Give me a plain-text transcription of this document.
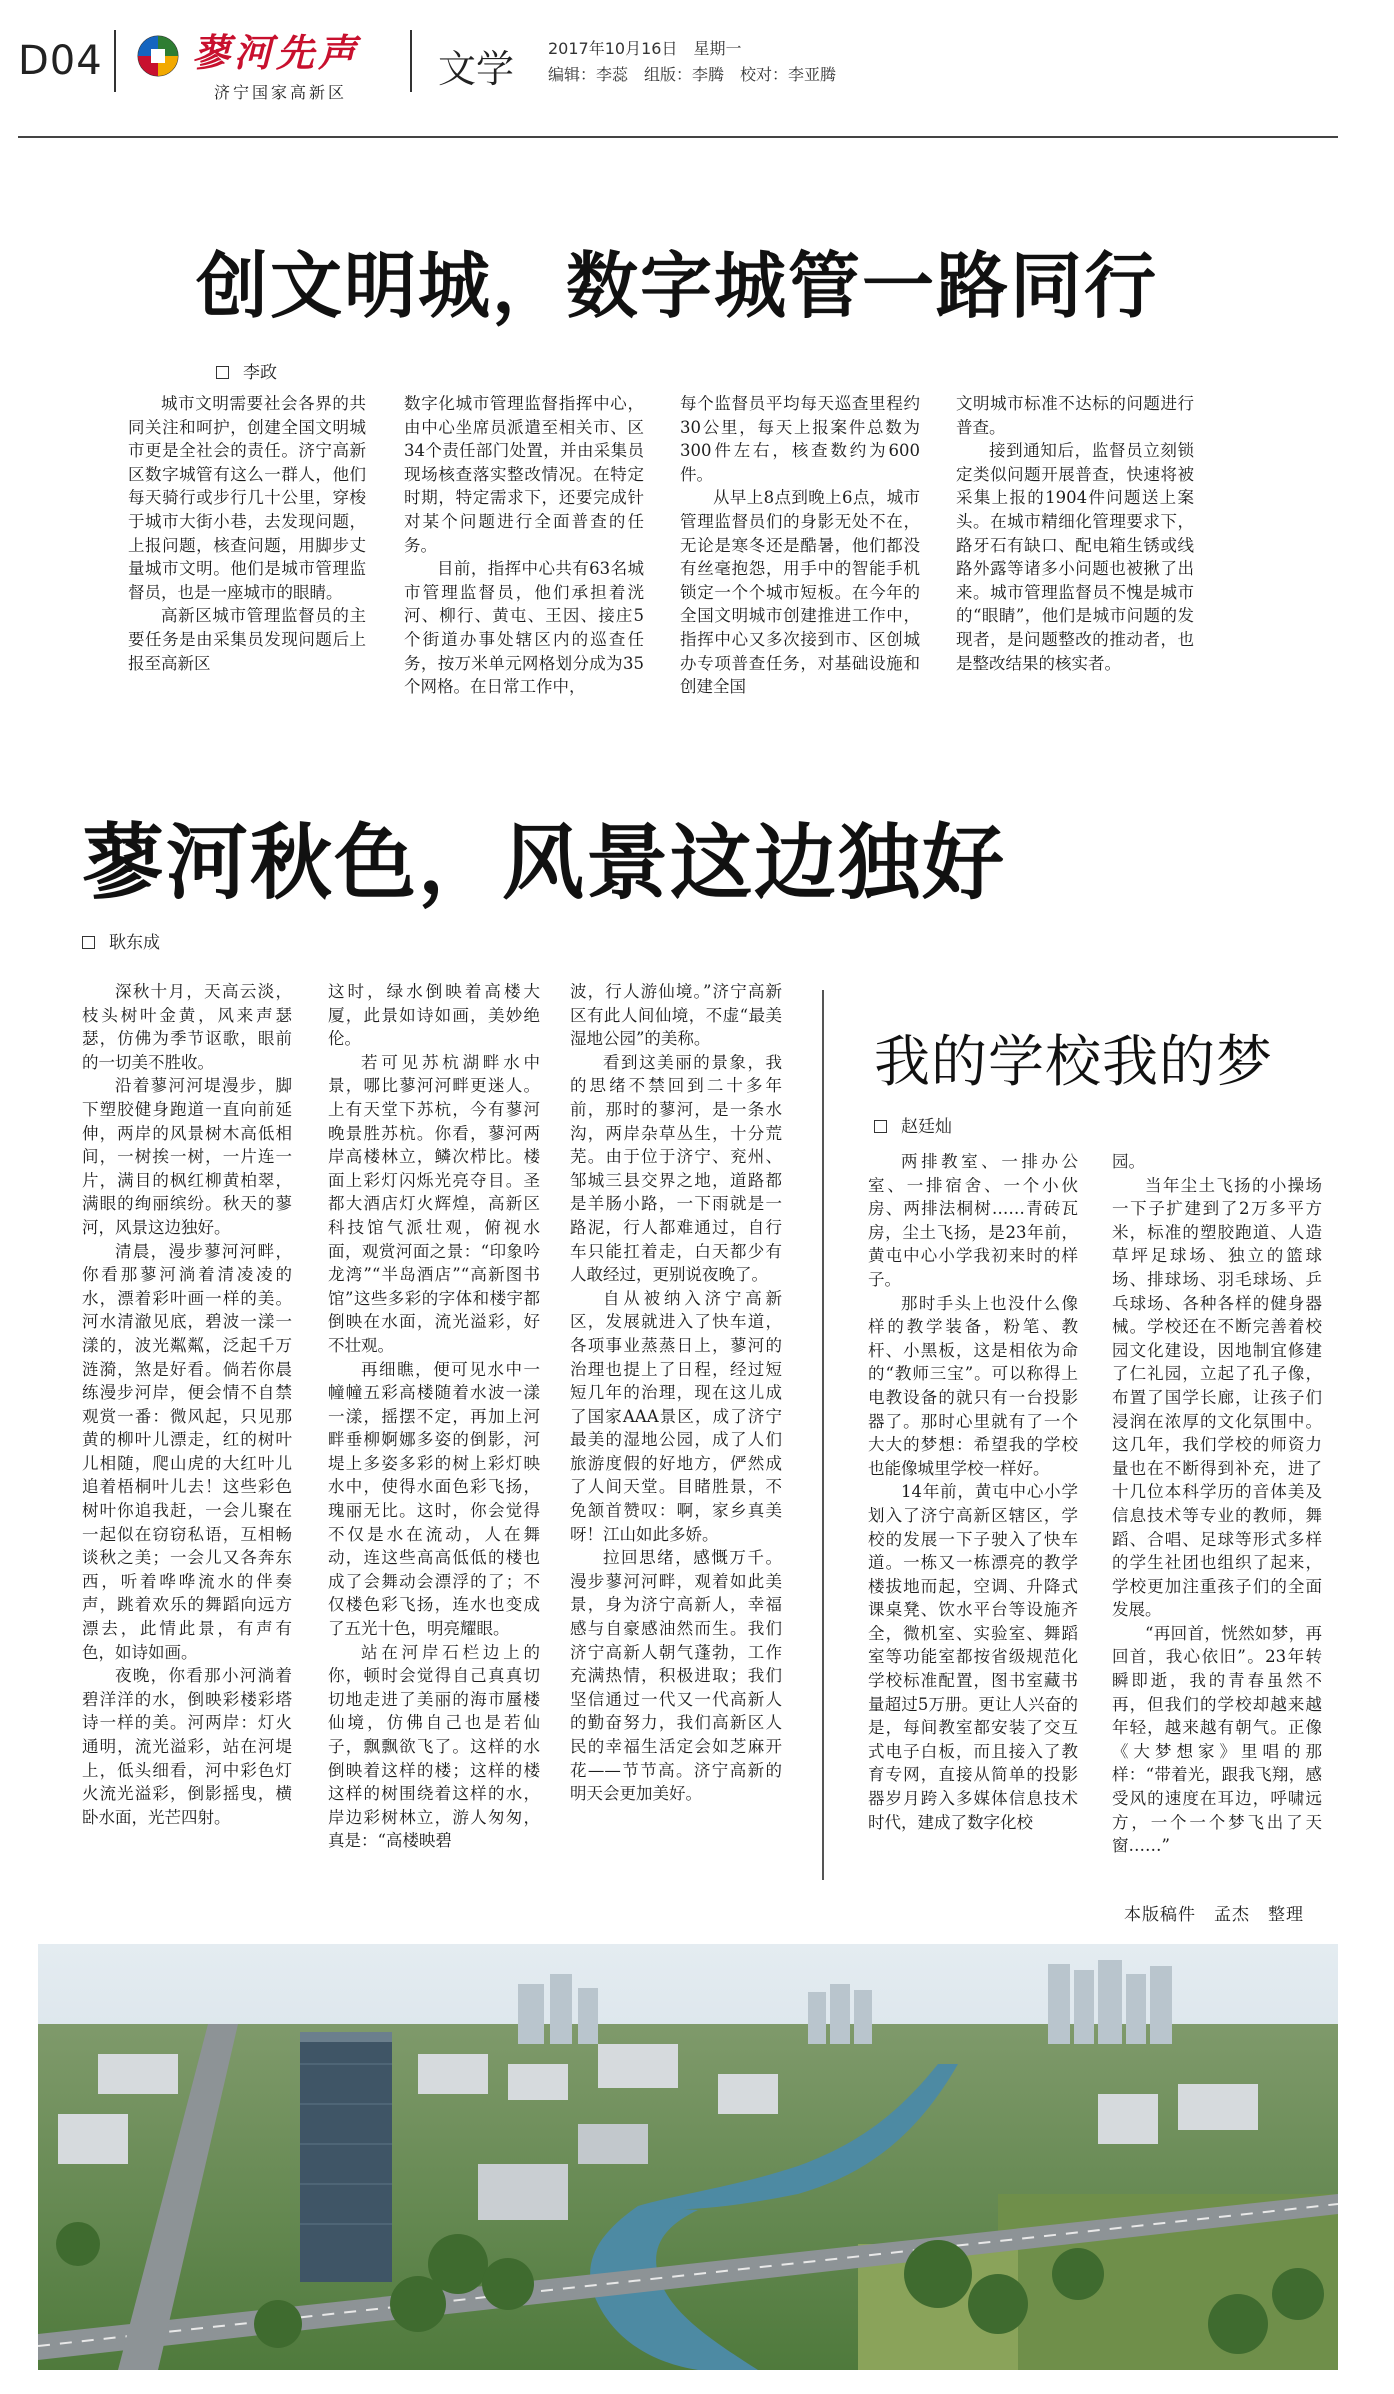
D04 蓼河先声
济宁国家高新区
文学 2017年10月16日　星期一
编辑：李蕊　组版：李腾　校对：李亚腾
创文明城，数字城管一路同行
李政

城市文明需要社会各界的共同关注和呵护，创建全国文明城市更是全社会的责任。济宁高新区数字城管有这么一群人，他们每天骑行或步行几十公里，穿梭于城市大街小巷，去发现问题，上报问题，核查问题，用脚步丈量城市文明。他们是城市管理监督员，也是一座城市的眼睛。

高新区城市管理监督员的主要任务是由采集员发现问题后上报至高新区

数字化城市管理监督指挥中心，由中心坐席员派遣至相关市、区34个责任部门处置，并由采集员现场核查落实整改情况。在特定时期，特定需求下，还要完成针对某个问题进行全面普查的任务。

目前，指挥中心共有63名城市管理监督员，他们承担着洸河、柳行、黄屯、王因、接庄5个街道办事处辖区内的巡查任务，按万米单元网格划分成为35个网格。在日常工作中，

每个监督员平均每天巡查里程约30公里，每天上报案件总数为300件左右，核查数约为600件。

从早上8点到晚上6点，城市管理监督员们的身影无处不在，无论是寒冬还是酷暑，他们都没有丝毫抱怨，用手中的智能手机锁定一个个城市短板。在今年的全国文明城市创建推进工作中，指挥中心又多次接到市、区创城办专项普查任务，对基础设施和创建全国

文明城市标准不达标的问题进行普查。

接到通知后，监督员立刻锁定类似问题开展普查，快速将被采集上报的1904件问题送上案头。在城市精细化管理要求下，路牙石有缺口、配电箱生锈或线路外露等诸多小问题也被揪了出来。城市管理监督员不愧是城市的“眼睛”，他们是城市问题的发现者，是问题整改的推动者，也是整改结果的核实者。

蓼河秋色，风景这边独好
耿东成

深秋十月，天高云淡，枝头树叶金黄，风来声瑟瑟，仿佛为季节讴歌，眼前的一切美不胜收。

沿着蓼河河堤漫步，脚下塑胶健身跑道一直向前延伸，两岸的风景树木高低相间，一树挨一树，一片连一片，满目的枫红柳黄柏翠，满眼的绚丽缤纷。秋天的蓼河，风景这边独好。

清晨，漫步蓼河河畔，你看那蓼河淌着清凌凌的水，漂着彩叶画一样的美。河水清澈见底，碧波一漾一漾的，波光粼粼，泛起千万涟漪，煞是好看。倘若你晨练漫步河岸，便会情不自禁观赏一番：微风起，只见那黄的柳叶儿漂走，红的树叶儿相随，爬山虎的大红叶儿追着梧桐叶儿去！这些彩色树叶你追我赶，一会儿聚在一起似在窃窃私语，互相畅谈秋之美；一会儿又各奔东西，听着哗哗流水的伴奏声，跳着欢乐的舞蹈向远方漂去，此情此景，有声有色，如诗如画。

夜晚，你看那小河淌着碧洋洋的水，倒映彩楼彩塔诗一样的美。河两岸：灯火通明，流光溢彩，站在河堤上，低头细看，河中彩色灯火流光溢彩，倒影摇曳，横卧水面，光芒四射。

这时，绿水倒映着高楼大厦，此景如诗如画，美妙绝伦。

若可见苏杭湖畔水中景，哪比蓼河河畔更迷人。上有天堂下苏杭，今有蓼河晚景胜苏杭。你看，蓼河两岸高楼林立，鳞次栉比。楼面上彩灯闪烁光亮夺目。圣都大酒店灯火辉煌，高新区科技馆气派壮观，俯视水面，观赏河面之景：“印象吟龙湾”“半岛酒店”“高新图书馆”这些多彩的字体和楼宇都倒映在水面，流光溢彩，好不壮观。

再细瞧，便可见水中一幢幢五彩高楼随着水波一漾一漾，摇摆不定，再加上河畔垂柳婀娜多姿的倒影，河堤上多姿多彩的树上彩灯映水中，使得水面色彩飞扬，瑰丽无比。这时，你会觉得不仅是水在流动，人在舞动，连这些高高低低的楼也成了会舞动会漂浮的了；不仅楼色彩飞扬，连水也变成了五光十色，明亮耀眼。

站在河岸石栏边上的你，顿时会觉得自己真真切切地走进了美丽的海市蜃楼仙境，仿佛自己也是若仙子，飘飘欲飞了。这样的水倒映着这样的楼；这样的楼这样的树围绕着这样的水，岸边彩树林立，游人匆匆，真是：“高楼映碧

波，行人游仙境。”济宁高新区有此人间仙境，不虚“最美湿地公园”的美称。

看到这美丽的景象，我的思绪不禁回到二十多年前，那时的蓼河，是一条水沟，两岸杂草丛生，十分荒芜。由于位于济宁、兖州、邹城三县交界之地，道路都是羊肠小路，一下雨就是一路泥，行人都难通过，自行车只能扛着走，白天都少有人敢经过，更别说夜晚了。

自从被纳入济宁高新区，发展就进入了快车道，各项事业蒸蒸日上，蓼河的治理也提上了日程，经过短短几年的治理，现在这儿成了国家AAA景区，成了济宁最美的湿地公园，成了人们旅游度假的好地方，俨然成了人间天堂。目睹胜景，不免颔首赞叹：啊，家乡真美呀！江山如此多娇。

拉回思绪，感慨万千。漫步蓼河河畔，观着如此美景，身为济宁高新人，幸福感与自豪感油然而生。我们济宁高新人朝气蓬勃，工作充满热情，积极进取；我们坚信通过一代又一代高新人的勤奋努力，我们高新区人民的幸福生活定会如芝麻开花——节节高。济宁高新的明天会更加美好。

我的学校我的梦
赵廷灿

两排教室、一排办公室、一排宿舍、一个小伙房、两排法桐树……青砖瓦房，尘土飞扬，是23年前，黄屯中心小学我初来时的样子。

那时手头上也没什么像样的教学装备，粉笔、教杆、小黑板，这是相依为命的“教师三宝”。可以称得上电教设备的就只有一台投影器了。那时心里就有了一个大大的梦想：希望我的学校也能像城里学校一样好。

14年前，黄屯中心小学划入了济宁高新区辖区，学校的发展一下子驶入了快车道。一栋又一栋漂亮的教学楼拔地而起，空调、升降式课桌凳、饮水平台等设施齐全，微机室、实验室、舞蹈室等功能室都按省级规范化学校标准配置，图书室藏书量超过5万册。更让人兴奋的是，每间教室都安装了交互式电子白板，而且接入了教育专网，直接从简单的投影器岁月跨入多媒体信息技术时代，建成了数字化校

园。

当年尘土飞扬的小操场一下子扩建到了2万多平方米，标准的塑胶跑道、人造草坪足球场、独立的篮球场、排球场、羽毛球场、乒乓球场、各种各样的健身器械。学校还在不断完善着校园文化建设，因地制宜修建了仁礼园，立起了孔子像，布置了国学长廊，让孩子们浸润在浓厚的文化氛围中。这几年，我们学校的师资力量也在不断得到补充，进了十几位本科学历的音体美及信息技术等专业的教师，舞蹈、合唱、足球等形式多样的学生社团也组织了起来，学校更加注重孩子们的全面发展。

“再回首，恍然如梦，再回首，我心依旧”。23年转瞬即逝，我的青春虽然不再，但我们的学校却越来越年轻，越来越有朝气。正像《大梦想家》里唱的那样：“带着光，跟我飞翔，感受风的速度在耳边，呼啸远方，一个一个梦飞出了天窗……”

本版稿件　孟杰　整理
